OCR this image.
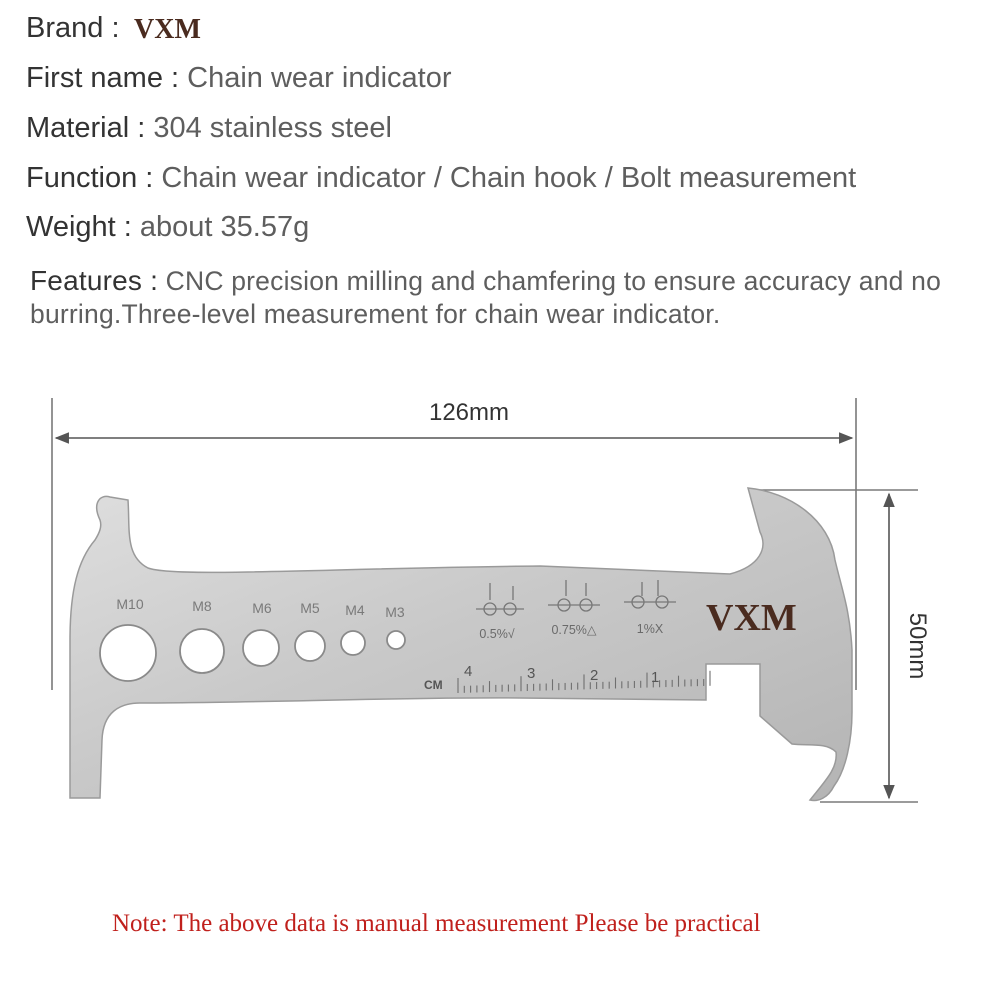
Brand : VXM
First name : Chain wear indicator
Material : 304 stainless steel
Function : Chain wear indicator / Chain hook / Bolt measurement
Weight : about 35.57g
Features : CNC precision milling and chamfering to ensure accuracy and no burring.Three-level measurement for chain wear indicator.
126mm
50mm
M10	M8	M6 M5 M4 M3
0.5%√	0.75%△	1%X VXM
CM
4	3	2	1
Note: The above data is manual measurement Please be practical
